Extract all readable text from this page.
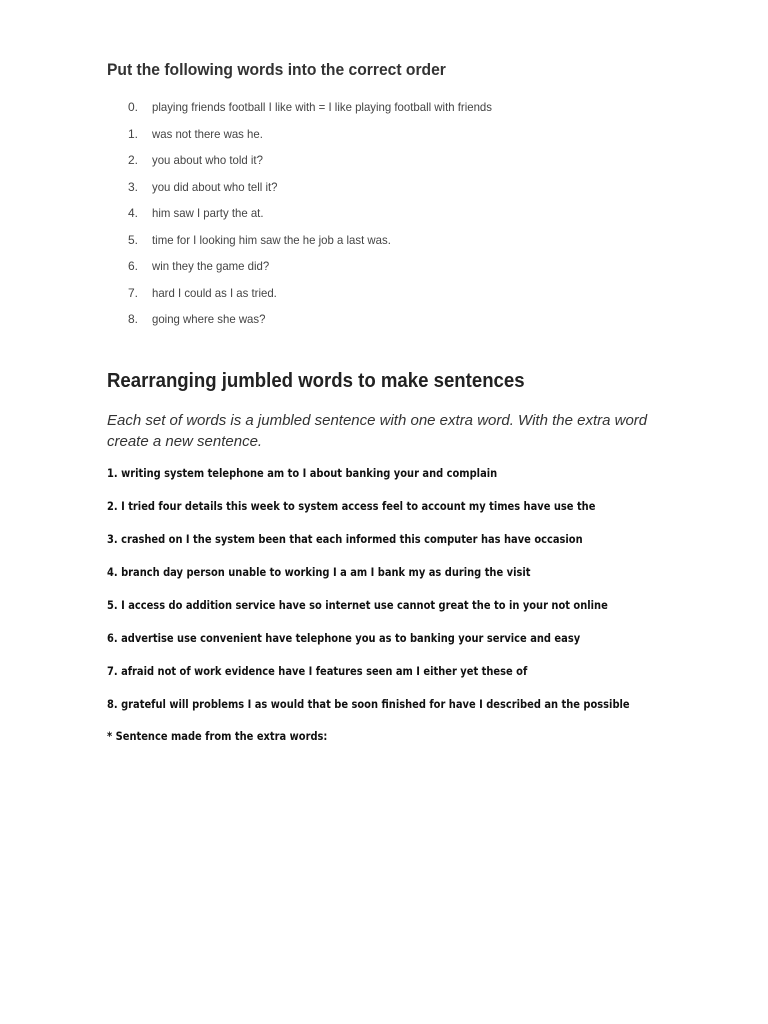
Put the following words into the correct order
0. playing friends football I like with = I like playing football with friends
1. was not there was he.
2. you about who told it?
3. you did about who tell it?
4. him saw I party the at.
5. time for I looking him saw the he job a last was.
6. win they the game did?
7. hard I could as I as tried.
8. going where she was?
Rearranging jumbled words to make sentences
Each set of words is a jumbled sentence with one extra word. With the extra word create a new sentence.
1. writing system telephone am to I about banking your and complain
2. I tried four details this week to system access feel to account my times have use the
3. crashed on I the system been that each informed this computer has have occasion
4. branch day person unable to working I a am I bank my as during the visit
5. I access do addition service have so internet use cannot great the to in your not online
6. advertise use convenient have telephone you as to banking your service and easy
7. afraid not of work evidence have I features seen am I either yet these of
8. grateful will problems I as would that be soon finished for have I described an the possible
* Sentence made from the extra words:
